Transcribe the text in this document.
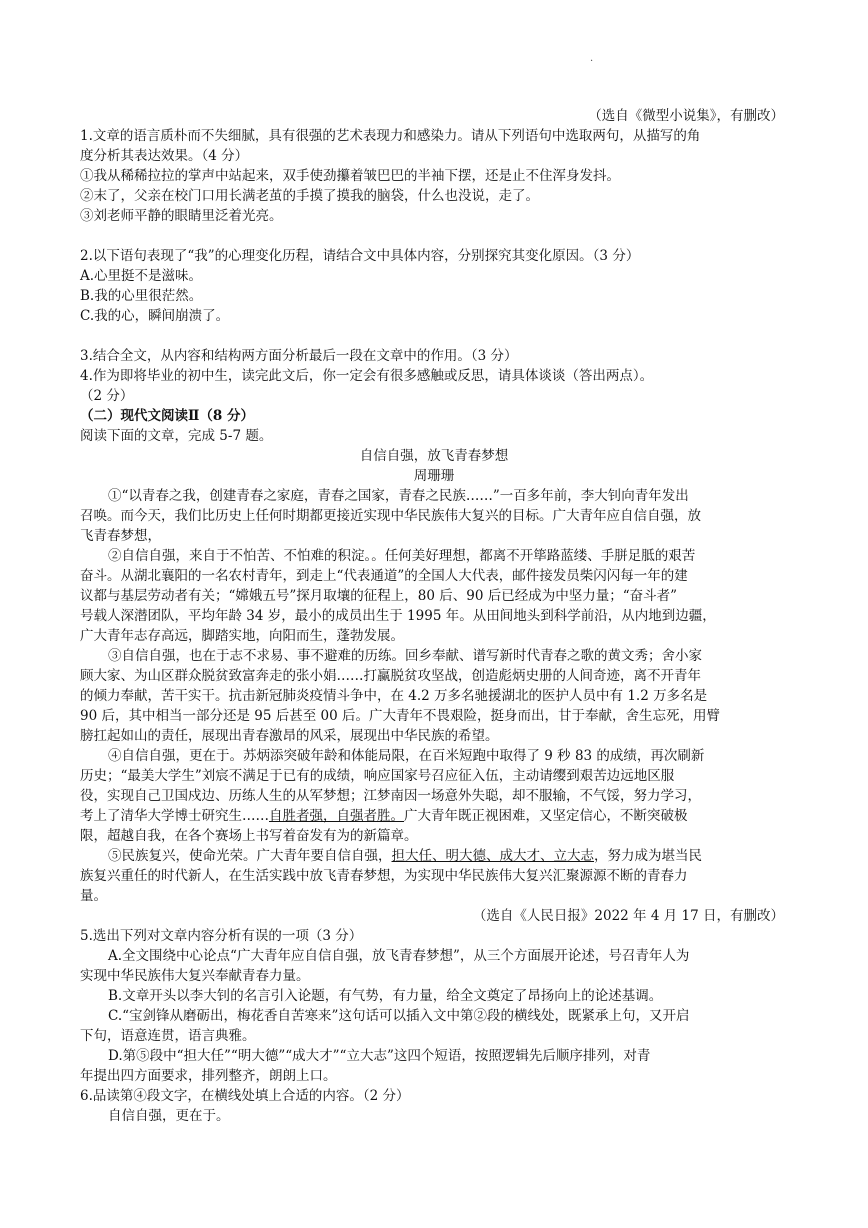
·
（选自《微型小说集》，有删改）
1.文章的语言质朴而不失细腻，具有很强的艺术表现力和感染力。请从下列语句中选取两句，从描写的角
度分析其表达效果。（4 分）
①我从稀稀拉拉的掌声中站起来，双手使劲攥着皱巴巴的半袖下摆，还是止不住浑身发抖。
②末了，父亲在校门口用长满老茧的手摸了摸我的脑袋，什么也没说，走了。
③刘老师平静的眼睛里泛着光亮。
2.以下语句表现了“我”的心理变化历程，请结合文中具体内容，分别探究其变化原因。（3 分）
A.心里挺不是滋味。
B.我的心里很茫然。
C.我的心，瞬间崩溃了。
3.结合全文，从内容和结构两方面分析最后一段在文章中的作用。（3 分）
4.作为即将毕业的初中生，读完此文后，你一定会有很多感触或反思，请具体谈谈（答出两点）。
（2 分）
（二）现代文阅读Ⅱ（8 分）
阅读下面的文章，完成 5-7 题。
自信自强，放飞青春梦想
周珊珊
①“以青春之我，创建青春之家庭，青春之国家，青春之民族……”一百多年前，李大钊向青年发出
召唤。而今天，我们比历史上任何时期都更接近实现中华民族伟大复兴的目标。广大青年应自信自强，放
飞青春梦想，
②自信自强，来自于不怕苦、不怕难的积淀。。任何美好理想，都离不开筚路蓝缕、手胼足胝的艰苦
奋斗。从湖北襄阳的一名农村青年，到走上“代表通道”的全国人大代表，邮件接发员柴闪闪每一年的建
议都与基层劳动者有关；“嫦娥五号”探月取壤的征程上，80 后、90 后已经成为中坚力量；“奋斗者”
号载人深潜团队，平均年龄 34 岁，最小的成员出生于 1995 年。从田间地头到科学前沿，从内地到边疆，
广大青年志存高远，脚踏实地，向阳而生，蓬勃发展。
③自信自强，也在于志不求易、事不避难的历练。回乡奉献、谱写新时代青春之歌的黄文秀；舍小家
顾大家、为山区群众脱贫致富奔走的张小娟……打赢脱贫攻坚战，创造彪炳史册的人间奇迹，离不开青年
的倾力奉献，苦干实干。抗击新冠肺炎疫情斗争中，在 4.2 万多名驰援湖北的医护人员中有 1.2 万多名是
90 后，其中相当一部分还是 95 后甚至 00 后。广大青年不畏艰险，挺身而出，甘于奉献，舍生忘死，用臂
膀扛起如山的责任，展现出青春激昂的风采，展现出中华民族的希望。
④自信自强，更在于。苏炳添突破年龄和体能局限，在百米短跑中取得了 9 秒 83 的成绩，再次刷新
历史；“最美大学生”刘宸不满足于已有的成绩，响应国家号召应征入伍，主动请缨到艰苦边远地区服
役，实现自己卫国戍边、历练人生的从军梦想；江梦南因一场意外失聪，却不服输，不气馁，努力学习，
考上了清华大学博士研究生……自胜者强，自强者胜。广大青年既正视困难，又坚定信心，不断突破极
限，超越自我，在各个赛场上书写着奋发有为的新篇章。
⑤民族复兴，使命光荣。广大青年要自信自强，担大任、明大德、成大才、立大志，努力成为堪当民
族复兴重任的时代新人，在生活实践中放飞青春梦想，为实现中华民族伟大复兴汇聚源源不断的青春力
量。
（选自《人民日报》2022 年 4 月 17 日，有删改）
5.选出下列对文章内容分析有误的一项（3 分）
A.全文围绕中心论点“广大青年应自信自强，放飞青春梦想”，从三个方面展开论述，号召青年人为
实现中华民族伟大复兴奉献青春力量。
B.文章开头以李大钊的名言引入论题，有气势，有力量，给全文奠定了昂扬向上的论述基调。
C.“宝剑锋从磨砺出，梅花香自苦寒来”这句话可以插入文中第②段的横线处，既紧承上句，又开启
下句，语意连贯，语言典雅。
D.第⑤段中“担大任”“明大德”“成大才”“立大志”这四个短语，按照逻辑先后顺序排列，对青
年提出四方面要求，排列整齐，朗朗上口。
6.品读第④段文字，在横线处填上合适的内容。（2 分）
自信自强，更在于。
